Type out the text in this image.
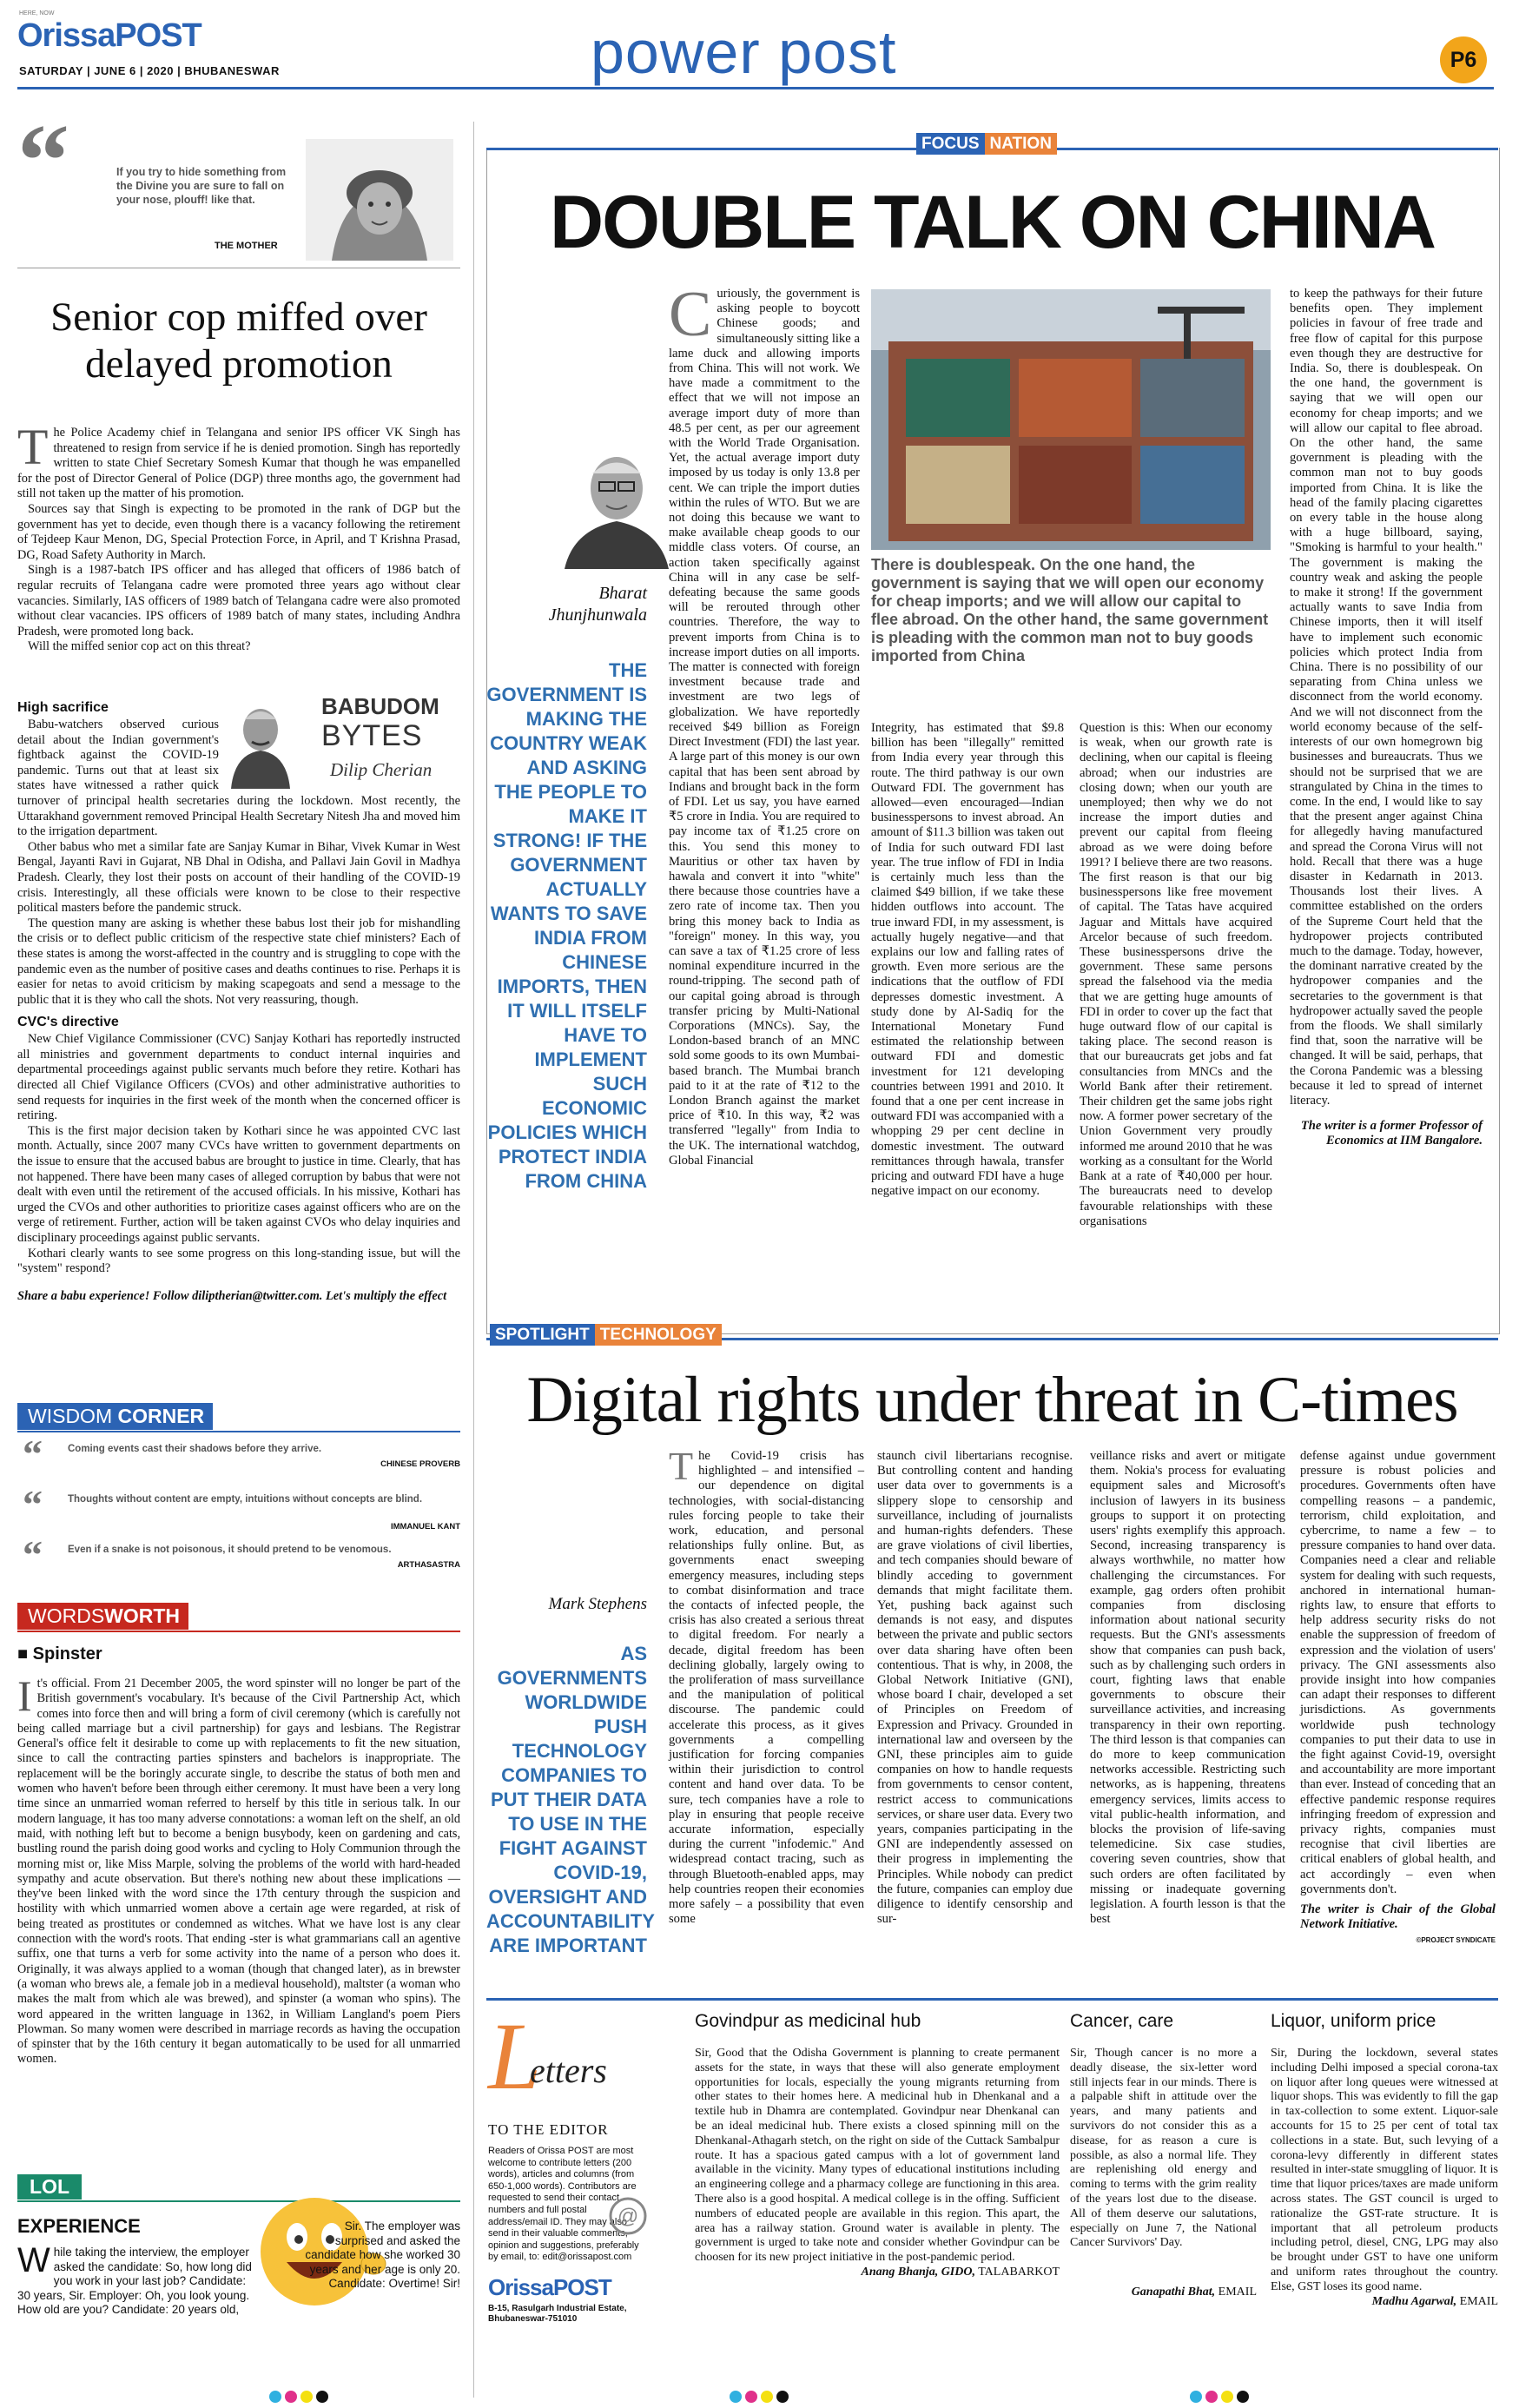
HERE, NOW
OrissaPOST
SATURDAY | JUNE 6 | 2020 | BHUBANESWAR	power post	P6
“	If you try to hide something from the Divine you are sure to fall on your nose, plouff! like that.
THE MOTHER
Senior cop miffed over delayed promotion

The Police Academy chief in Telangana and senior IPS officer VK Singh has threatened to resign from service if he is denied promotion. Singh has reportedly written to state Chief Secretary Somesh Kumar that though he was empanelled for the post of Director General of Police (DGP) three months ago, the government had still not taken up the matter of his promotion.

Sources say that Singh is expecting to be promoted in the rank of DGP but the government has yet to decide, even though there is a vacancy following the retirement of Tejdeep Kaur Menon, DG, Special Protection Force, in April, and T Krishna Prasad, DG, Road Safety Authority in March.

Singh is a 1987-batch IPS officer and has alleged that officers of 1986 batch of regular recruits of Telangana cadre were promoted three years ago without clear vacancies. Similarly, IAS officers of 1989 batch of Telangana cadre were also promoted without clear vacancies. IPS officers of 1989 batch of many states, including Andhra Pradesh, were promoted long back.

Will the miffed senior cop act on this threat?

BABUDOM
BYTES
Dilip Cherian
High sacrifice

Babu-watchers observed curious detail about the Indian government's fightback against the COVID-19 pandemic. Turns out that at least six states have witnessed a rather quick turnover of principal health secretaries during the lockdown. Most recently, the Uttarakhand government removed Principal Health Secretary Nitesh Jha and moved him to the irrigation department.

Other babus who met a similar fate are Sanjay Kumar in Bihar, Vivek Kumar in West Bengal, Jayanti Ravi in Gujarat, NB Dhal in Odisha, and Pallavi Jain Govil in Madhya Pradesh. Clearly, they lost their posts on account of their handling of the COVID-19 crisis. Interestingly, all these officials were known to be close to their respective political masters before the pandemic struck.

The question many are asking is whether these babus lost their job for mishandling the crisis or to deflect public criticism of the respective state chief ministers? Each of these states is among the worst-affected in the country and is struggling to cope with the pandemic even as the number of positive cases and deaths continues to rise. Perhaps it is easier for netas to avoid criticism by making scapegoats and send a message to the public that it is they who call the shots. Not very reassuring, though.

CVC's directive

New Chief Vigilance Commissioner (CVC) Sanjay Kothari has reportedly instructed all ministries and government departments to conduct internal inquiries and departmental proceedings against public servants much before they retire. Kothari has directed all Chief Vigilance Officers (CVOs) and other administrative authorities to send requests for inquiries in the first week of the month when the concerned officer is retiring.

This is the first major decision taken by Kothari since he was appointed CVC last month. Actually, since 2007 many CVCs have written to government departments on the issue to ensure that the accused babus are brought to justice in time. Clearly, that has not happened. There have been many cases of alleged corruption by babus that were not dealt with even until the retirement of the accused officials. In his missive, Kothari has urged the CVOs and other authorities to prioritize cases against officers who are on the verge of retirement. Further, action will be taken against CVOs who delay inquiries and disciplinary proceedings against public servants.

Kothari clearly wants to see some progress on this long-standing issue, but will the "system" respond?

Share a babu experience! Follow diliptherian@twitter.com. Let's multiply the effect
WISDOM CORNER
“	Coming events cast their shadows before they arrive.
CHINESE PROVERB
“	Thoughts without content are empty, intuitions without concepts are blind.
IMMANUEL KANT
“	Even if a snake is not poisonous, it should pretend to be venomous.
ARTHASASTRA
WORDSWORTH
■ Spinster

It's official. From 21 December 2005, the word spinster will no longer be part of the British government's vocabulary. It's because of the Civil Partnership Act, which comes into force then and will bring a form of civil ceremony (which is carefully not being called marriage but a civil partnership) for gays and lesbians. The Registrar General's office felt it desirable to come up with replacements to fit the new situation, since to call the contracting parties spinsters and bachelors is inappropriate. The replacement will be the boringly accurate single, to describe the status of both men and women who haven't before been through either ceremony. It must have been a very long time since an unmarried woman referred to herself by this title in serious talk. In our modern language, it has too many adverse connotations: a woman left on the shelf, an old maid, with nothing left but to become a benign busybody, keen on gardening and cats, bustling round the parish doing good works and cycling to Holy Communion through the morning mist or, like Miss Marple, solving the problems of the world with hard-headed sympathy and acute observation. But there's nothing new about these implications — they've been linked with the word since the 17th century through the suspicion and hostility with which unmarried women above a certain age were regarded, at risk of being treated as prostitutes or condemned as witches. What we have lost is any clear connection with the word's roots. That ending -ster is what grammarians call an agentive suffix, one that turns a verb for some activity into the name of a person who does it. Originally, it was always applied to a woman (though that changed later), as in brewster (a woman who brews ale, a female job in a medieval household), maltster (a woman who makes the malt from which ale was brewed), and spinster (a woman who spins). The word appeared in the written language in 1362, in William Langland's poem Piers Plowman. So many women were described in marriage records as having the occupation of spinster that by the 16th century it began automatically to be used for all unmarried women.

LOL
EXPERIENCE
While taking the interview, the employer asked the candidate: So, how long did you work in your last job? Candidate: 30 years, Sir. Employer: Oh, you look young. How old are you? Candidate: 20 years old,
Sir. The employer was surprised and asked the candidate how she worked 30 years and her age is only 20. Candidate: Overtime! Sir!
FOCUS NATION
DOUBLE TALK ON CHINA
Bharat
Jhunjhunwala
THE GOVERNMENT IS MAKING THE COUNTRY WEAK AND ASKING THE PEOPLE TO MAKE IT STRONG! IF THE GOVERNMENT ACTUALLY WANTS TO SAVE INDIA FROM CHINESE IMPORTS, THEN IT WILL ITSELF HAVE TO IMPLEMENT SUCH ECONOMIC POLICIES WHICH PROTECT INDIA FROM CHINA

Curiously, the government is asking people to boycott Chinese goods; and simultaneously sitting like a lame duck and allowing imports from China. This will not work. We have made a commitment to the effect that we will not impose an average import duty of more than 48.5 per cent, as per our agreement with the World Trade Organisation. Yet, the actual average import duty imposed by us today is only 13.8 per cent. We can triple the import duties within the rules of WTO. But we are not doing this because we want to make available cheap goods to our middle class voters. Of course, an action taken specifically against China will in any case be self-defeating because the same goods will be rerouted through other countries. Therefore, the way to prevent imports from China is to increase import duties on all imports. The matter is connected with foreign investment because trade and investment are two legs of globalization. We have reportedly received $49 billion as Foreign Direct Investment (FDI) the last year. A large part of this money is our own capital that has been sent abroad by Indians and brought back in the form of FDI. Let us say, you have earned ₹5 crore in India. You are required to pay income tax of ₹1.25 crore on this. You send this money to Mauritius or other tax haven by hawala and convert it into "white" there because those countries have a zero rate of income tax. Then you bring this money back to India as "foreign" money. In this way, you can save a tax of ₹1.25 crore of less nominal expenditure incurred in the round-tripping. The second path of our capital going abroad is through transfer pricing by Multi-National Corporations (MNCs). Say, the London-based branch of an MNC sold some goods to its own Mumbai-based branch. The Mumbai branch paid to it at the rate of ₹12 to the London Branch against the market price of ₹10. In this way, ₹2 was transferred "legally" from India to the UK. The international watchdog, Global Financial

There is doublespeak. On the one hand, the government is saying that we will open our economy for cheap imports; and we will allow our capital to flee abroad. On the other hand, the same government is pleading with the common man not to buy goods imported from China
Integrity, has estimated that $9.8 billion has been "illegally" remitted from India every year through this route. The third pathway is our own Outward FDI. The government has allowed—even encouraged—Indian businesspersons to invest abroad. An amount of $11.3 billion was taken out of India for such outward FDI last year. The true inflow of FDI in India is certainly much less than the claimed $49 billion, if we take these hidden outflows into account. The true inward FDI, in my assessment, is actually hugely negative—and that explains our low and falling rates of growth. Even more serious are the indications that the outflow of FDI depresses domestic investment. A study done by Al-Sadiq for the International Monetary Fund estimated the relationship between outward FDI and domestic investment for 121 developing countries between 1991 and 2010. It found that a one per cent increase in outward FDI was accompanied with a whopping 29 per cent decline in domestic investment. The outward remittances through hawala, transfer pricing and outward FDI have a huge negative impact on our economy.
Question is this: When our economy is weak, when our growth rate is declining, when our capital is fleeing abroad; when our industries are closing down; when our youth are unemployed; then why we do not increase the import duties and prevent our capital from fleeing abroad as we were doing before 1991? I believe there are two reasons. The first reason is that our big businesspersons like free movement of capital. The Tatas have acquired Jaguar and Mittals have acquired Arcelor because of such freedom. These businesspersons drive the government. These same persons spread the falsehood via the media that we are getting huge amounts of FDI in order to cover up the fact that huge outward flow of our capital is taking place. The second reason is that our bureaucrats get jobs and fat consultancies from MNCs and the World Bank after their retirement. Their children get the same jobs right now. A former power secretary of the Union Government very proudly informed me around 2010 that he was working as a consultant for the World Bank at a rate of ₹40,000 per hour. The bureaucrats need to develop favourable relationships with these organisations

to keep the pathways for their future benefits open. They implement policies in favour of free trade and free flow of capital for this purpose even though they are destructive for India. So, there is doublespeak. On the one hand, the government is saying that we will open our economy for cheap imports; and we will allow our capital to flee abroad. On the other hand, the same government is pleading with the common man not to buy goods imported from China. It is like the head of the family placing cigarettes on every table in the house along with a huge billboard, saying, "Smoking is harmful to your health." The government is making the country weak and asking the people to make it strong! If the government actually wants to save India from Chinese imports, then it will itself have to implement such economic policies which protect India from China. There is no possibility of our separating from China unless we disconnect from the world economy. And we will not disconnect from the world economy because of the self-interests of our own homegrown big businesses and bureaucrats. Thus we should not be surprised that we are strangulated by China in the times to come. In the end, I would like to say that the present anger against China for allegedly having manufactured and spread the Corona Virus will not hold. Recall that there was a huge disaster in Kedarnath in 2013. Thousands lost their lives. A committee established on the orders of the Supreme Court held that the hydropower projects contributed much to the damage. Today, however, the dominant narrative created by the hydropower companies and the secretaries to the government is that hydropower actually saved the people from the floods. We shall similarly find that, soon the narrative will be changed. It will be said, perhaps, that the Corona Pandemic was a blessing because it led to spread of internet literacy.

The writer is a former Professor of Economics at IIM Bangalore.

SPOTLIGHT TECHNOLOGY
Digital rights under threat in C-times
Mark Stephens
AS GOVERNMENTS WORLDWIDE PUSH TECHNOLOGY COMPANIES TO PUT THEIR DATA TO USE IN THE FIGHT AGAINST COVID-19, OVERSIGHT AND ACCOUNTABILITY ARE IMPORTANT

The Covid-19 crisis has highlighted – and intensified – our dependence on digital technologies, with social-distancing rules forcing people to take their work, education, and personal relationships fully online. But, as governments enact sweeping emergency measures, including steps to combat disinformation and trace the contacts of infected people, the crisis has also created a serious threat to digital freedom. For nearly a decade, digital freedom has been declining globally, largely owing to the proliferation of mass surveillance and the manipulation of political discourse. The pandemic could accelerate this process, as it gives governments a compelling justification for forcing companies within their jurisdiction to control content and hand over data. To be sure, tech companies have a role to play in ensuring that people receive accurate information, especially during the current "infodemic." And widespread contact tracing, such as through Bluetooth-enabled apps, may help countries reopen their economies more safely – a possibility that even some

staunch civil libertarians recognise. But controlling content and handing user data over to governments is a slippery slope to censorship and surveillance, including of journalists and human-rights defenders. These are grave violations of civil liberties, and tech companies should beware of blindly acceding to government demands that might facilitate them. Yet, pushing back against such demands is not easy, and disputes between the private and public sectors over data sharing have often been contentious. That is why, in 2008, the Global Network Initiative (GNI), whose board I chair, developed a set of Principles on Freedom of Expression and Privacy. Grounded in international law and overseen by the GNI, these principles aim to guide companies on how to handle requests from governments to censor content, restrict access to communications services, or share user data. Every two years, companies participating in the GNI are independently assessed on their progress in implementing the Principles. While nobody can predict the future, companies can employ due diligence to identify censorship and sur-
veillance risks and avert or mitigate them. Nokia's process for evaluating equipment sales and Microsoft's inclusion of lawyers in its business groups to support it on protecting users' rights exemplify this approach. Second, increasing transparency is always worthwhile, no matter how challenging the circumstances. For example, gag orders often prohibit companies from disclosing information about national security requests. But the GNI's assessments show that companies can push back, such as by challenging such orders in court, fighting laws that enable governments to obscure their surveillance activities, and increasing transparency in their own reporting. The third lesson is that companies can do more to keep communication networks accessible. Restricting such networks, as is happening, threatens emergency services, limits access to vital public-health information, and blocks the provision of life-saving telemedicine. Six case studies, covering seven countries, show that such orders are often facilitated by missing or inadequate governing legislation. A fourth lesson is that the best

defense against undue government pressure is robust policies and procedures. Governments often have compelling reasons – a pandemic, terrorism, child exploitation, and cybercrime, to name a few – to pressure companies to hand over data. Companies need a clear and reliable system for dealing with such requests, anchored in international human-rights law, to ensure that efforts to help address security risks do not enable the suppression of freedom of expression and the violation of users' privacy. The GNI assessments also provide insight into how companies can adapt their responses to different jurisdictions. As governments worldwide push technology companies to put their data to use in the fight against Covid-19, oversight and accountability are more important than ever. Instead of conceding that an effective pandemic response requires infringing freedom of expression and privacy rights, companies must recognise that civil liberties are critical enablers of global health, and act accordingly – even when governments don't.

The writer is Chair of the Global Network Initiative.

©PROJECT SYNDICATE

L
etters
TO THE EDITOR
Readers of Orissa POST are most welcome to contribute letters (200 words), articles and columns (from 650-1,000 words). Contributors are requested to send their contact numbers and full postal address/email ID. They may also send in their valuable comments, opinion and suggestions, preferably by email, to: edit@orissapost.com
@
OrissaPOST
B-15, Rasulgarh Industrial Estate, Bhubaneswar-751010
Govindpur as medicinal hub

Sir, Good that the Odisha Government is planning to create permanent assets for the state, in ways that these will also generate employment opportunities for locals, especially the young migrants returning from other states to their homes here. A medicinal hub in Dhenkanal and a textile hub in Dhamra are contemplated. Govindpur near Dhenkanal can be an ideal medicinal hub. There exists a closed spinning mill on the Dhenkanal-Athagarh stetch, on the right on side of the Cuttack Sambalpur route. It has a spacious gated campus with a lot of government land available in the vicinity. Many types of educational institutions including an engineering college and a pharmacy college are functioning in this area. There also is a good hospital. A medical college is in the offing. Sufficient numbers of educated people are available in this region. This apart, the area has a railway station. Ground water is available in plenty. The government is urged to take note and consider whether Govindpur can be choosen for its new project initiative in the post-pandemic period.

Anang Bhanja, GIDO, TALABARKOT

Cancer, care

Sir, Though cancer is no more a deadly disease, the six-letter word still injects fear in our minds. There is a palpable shift in attitude over the years, and many patients and survivors do not consider this as a disease, for as reason a cure is possible, as also a normal life. They are replenishing old energy and coming to terms with the grim reality of the years lost due to the disease. All of them deserve our salutations, especially on June 7, the National Cancer Survivors' Day.

Ganapathi Bhat, EMAIL

Liquor, uniform price

Sir, During the lockdown, several states including Delhi imposed a special corona-tax on liquor after long queues were witnessed at liquor shops. This was evidently to fill the gap in tax-collection to some extent. Liquor-sale accounts for 15 to 25 per cent of total tax collections in a state. But, such levying of a corona-levy differently in different states resulted in inter-state smuggling of liquor. It is time that liquor prices/taxes are made uniform across states. The GST council is urged to rationalize the GST-rate structure. It is important that all petroleum products including petrol, diesel, CNG, LPG may also be brought under GST to have one uniform and uniform rates throughout the country. Else, GST loses its good name.

Madhu Agarwal, EMAIL
